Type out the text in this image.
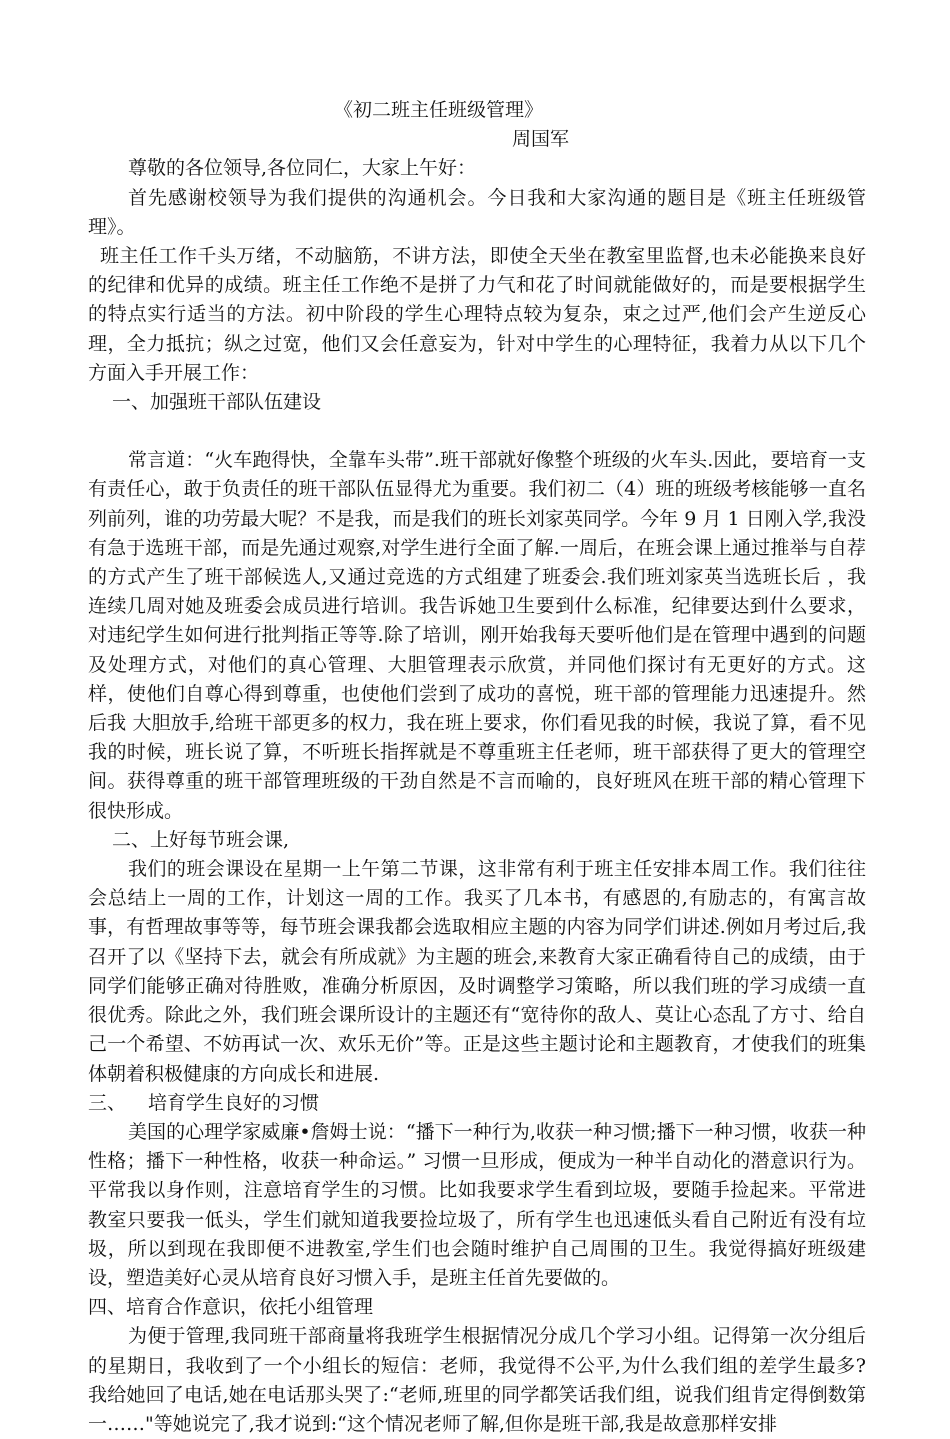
《初二班主任班级管理》

周国军

尊敬的各位领导,各位同仁，大家上午好：

首先感谢校领导为我们提供的沟通机会。今日我和大家沟通的题目是《班主任班级管理》。

班主任工作千头万绪，不动脑筋，不讲方法，即使全天坐在教室里监督,也未必能换来良好的纪律和优异的成绩。班主任工作绝不是拼了力气和花了时间就能做好的，而是要根据学生的特点实行适当的方法。初中阶段的学生心理特点较为复杂，束之过严,他们会产生逆反心理，全力抵抗；纵之过宽，他们又会任意妄为，针对中学生的心理特征，我着力从以下几个方面入手开展工作：

一、加强班干部队伍建设

常言道：“火车跑得快，全靠车头带”.班干部就好像整个班级的火车头.因此，要培育一支有责任心，敢于负责任的班干部队伍显得尤为重要。我们初二（4）班的班级考核能够一直名列前列，谁的功劳最大呢？不是我，而是我们的班长刘家英同学。今年 9 月 1 日刚入学,我没有急于选班干部，而是先通过观察,对学生进行全面了解.一周后，在班会课上通过推举与自荐的方式产生了班干部候选人,又通过竞选的方式组建了班委会.我们班刘家英当选班长后 ，我连续几周对她及班委会成员进行培训。我告诉她卫生要到什么标准，纪律要达到什么要求，对违纪学生如何进行批判指正等等.除了培训，刚开始我每天要听他们是在管理中遇到的问题及处理方式，对他们的真心管理、大胆管理表示欣赏，并同他们探讨有无更好的方式。这样，使他们自尊心得到尊重，也使他们尝到了成功的喜悦，班干部的管理能力迅速提升。然后我 大胆放手,给班干部更多的权力，我在班上要求，你们看见我的时候，我说了算，看不见我的时候，班长说了算，不听班长指挥就是不尊重班主任老师，班干部获得了更大的管理空间。获得尊重的班干部管理班级的干劲自然是不言而喻的，良好班风在班干部的精心管理下很快形成。

二、上好每节班会课,

我们的班会课设在星期一上午第二节课，这非常有利于班主任安排本周工作。我们往往会总结上一周的工作，计划这一周的工作。我买了几本书，有感恩的,有励志的，有寓言故事，有哲理故事等等，每节班会课我都会选取相应主题的内容为同学们讲述.例如月考过后,我召开了以《坚持下去，就会有所成就》为主题的班会,来教育大家正确看待自己的成绩，由于同学们能够正确对待胜败，准确分析原因，及时调整学习策略，所以我们班的学习成绩一直很优秀。除此之外，我们班会课所设计的主题还有“宽待你的敌人、莫让心态乱了方寸、给自己一个希望、不妨再试一次、欢乐无价”等。正是这些主题讨论和主题教育，才使我们的班集体朝着积极健康的方向成长和进展.

三、 培育学生良好的习惯

美国的心理学家威廉•詹姆士说：“播下一种行为,收获一种习惯;播下一种习惯，收获一种性格；播下一种性格，收获一种命运。” 习惯一旦形成，便成为一种半自动化的潜意识行为。平常我以身作则，注意培育学生的习惯。比如我要求学生看到垃圾，要随手捡起来。平常进教室只要我一低头，学生们就知道我要捡垃圾了，所有学生也迅速低头看自己附近有没有垃圾，所以到现在我即便不进教室,学生们也会随时维护自己周围的卫生。我觉得搞好班级建设，塑造美好心灵从培育良好习惯入手，是班主任首先要做的。

四、培育合作意识，依托小组管理

为便于管理,我同班干部商量将我班学生根据情况分成几个学习小组。记得第一次分组后的星期日，我收到了一个小组长的短信：老师，我觉得不公平,为什么我们组的差学生最多? 我给她回了电话,她在电话那头哭了:“老师,班里的同学都笑话我们组，说我们组肯定得倒数第一……"等她说完了,我才说到:“这个情况老师了解,但你是班干部,我是故意那样安排
